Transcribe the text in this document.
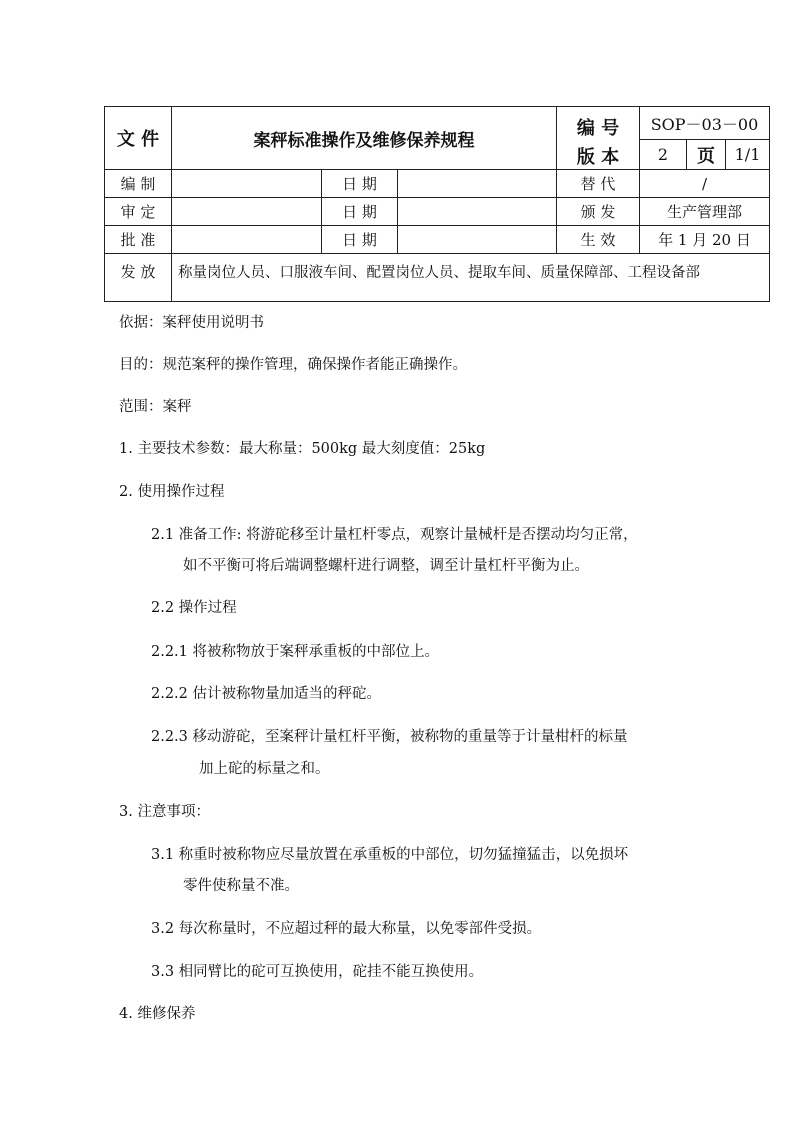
文 件	案秤标准操作及维修保养规程
编 号	SOP－03－00
版 本	2	页	1/1
编 制	日 期	替 代	/
审 定	日 期	颁 发	生产管理部
批 准	日 期	生 效	年 1 月 20 日
发 放	称量岗位人员、口服液车间、配置岗位人员、提取车间、质量保障部、工程设备部
依据：案秤使用说明书
目的：规范案秤的操作管理，确保操作者能正确操作。
范围：案秤
1. 主要技术参数：最大称量：500kg 最大刻度值：25kg
2. 使用操作过程
2.1 准备工作: 将游砣移至计量杠杆零点，观察计量械杆是否摆动均匀正常，
如不平衡可将后端调整螺杆进行调整，调至计量杠杆平衡为止。
2.2 操作过程
2.2.1 将被称物放于案秤承重板的中部位上。
2.2.2 估计被称物量加适当的秤砣。
2.2.3 移动游砣，至案秤计量杠杆平衡，被称物的重量等于计量柑杆的标量
加上砣的标量之和。
3. 注意事项：
3.1 称重时被称物应尽量放置在承重板的中部位，切勿猛撞猛击，以免损坏
零件使称量不准。
3.2 每次称量时，不应超过秤的最大称量，以免零部件受损。
3.3 相同臂比的砣可互换使用，砣挂不能互换使用。
4. 维修保养
